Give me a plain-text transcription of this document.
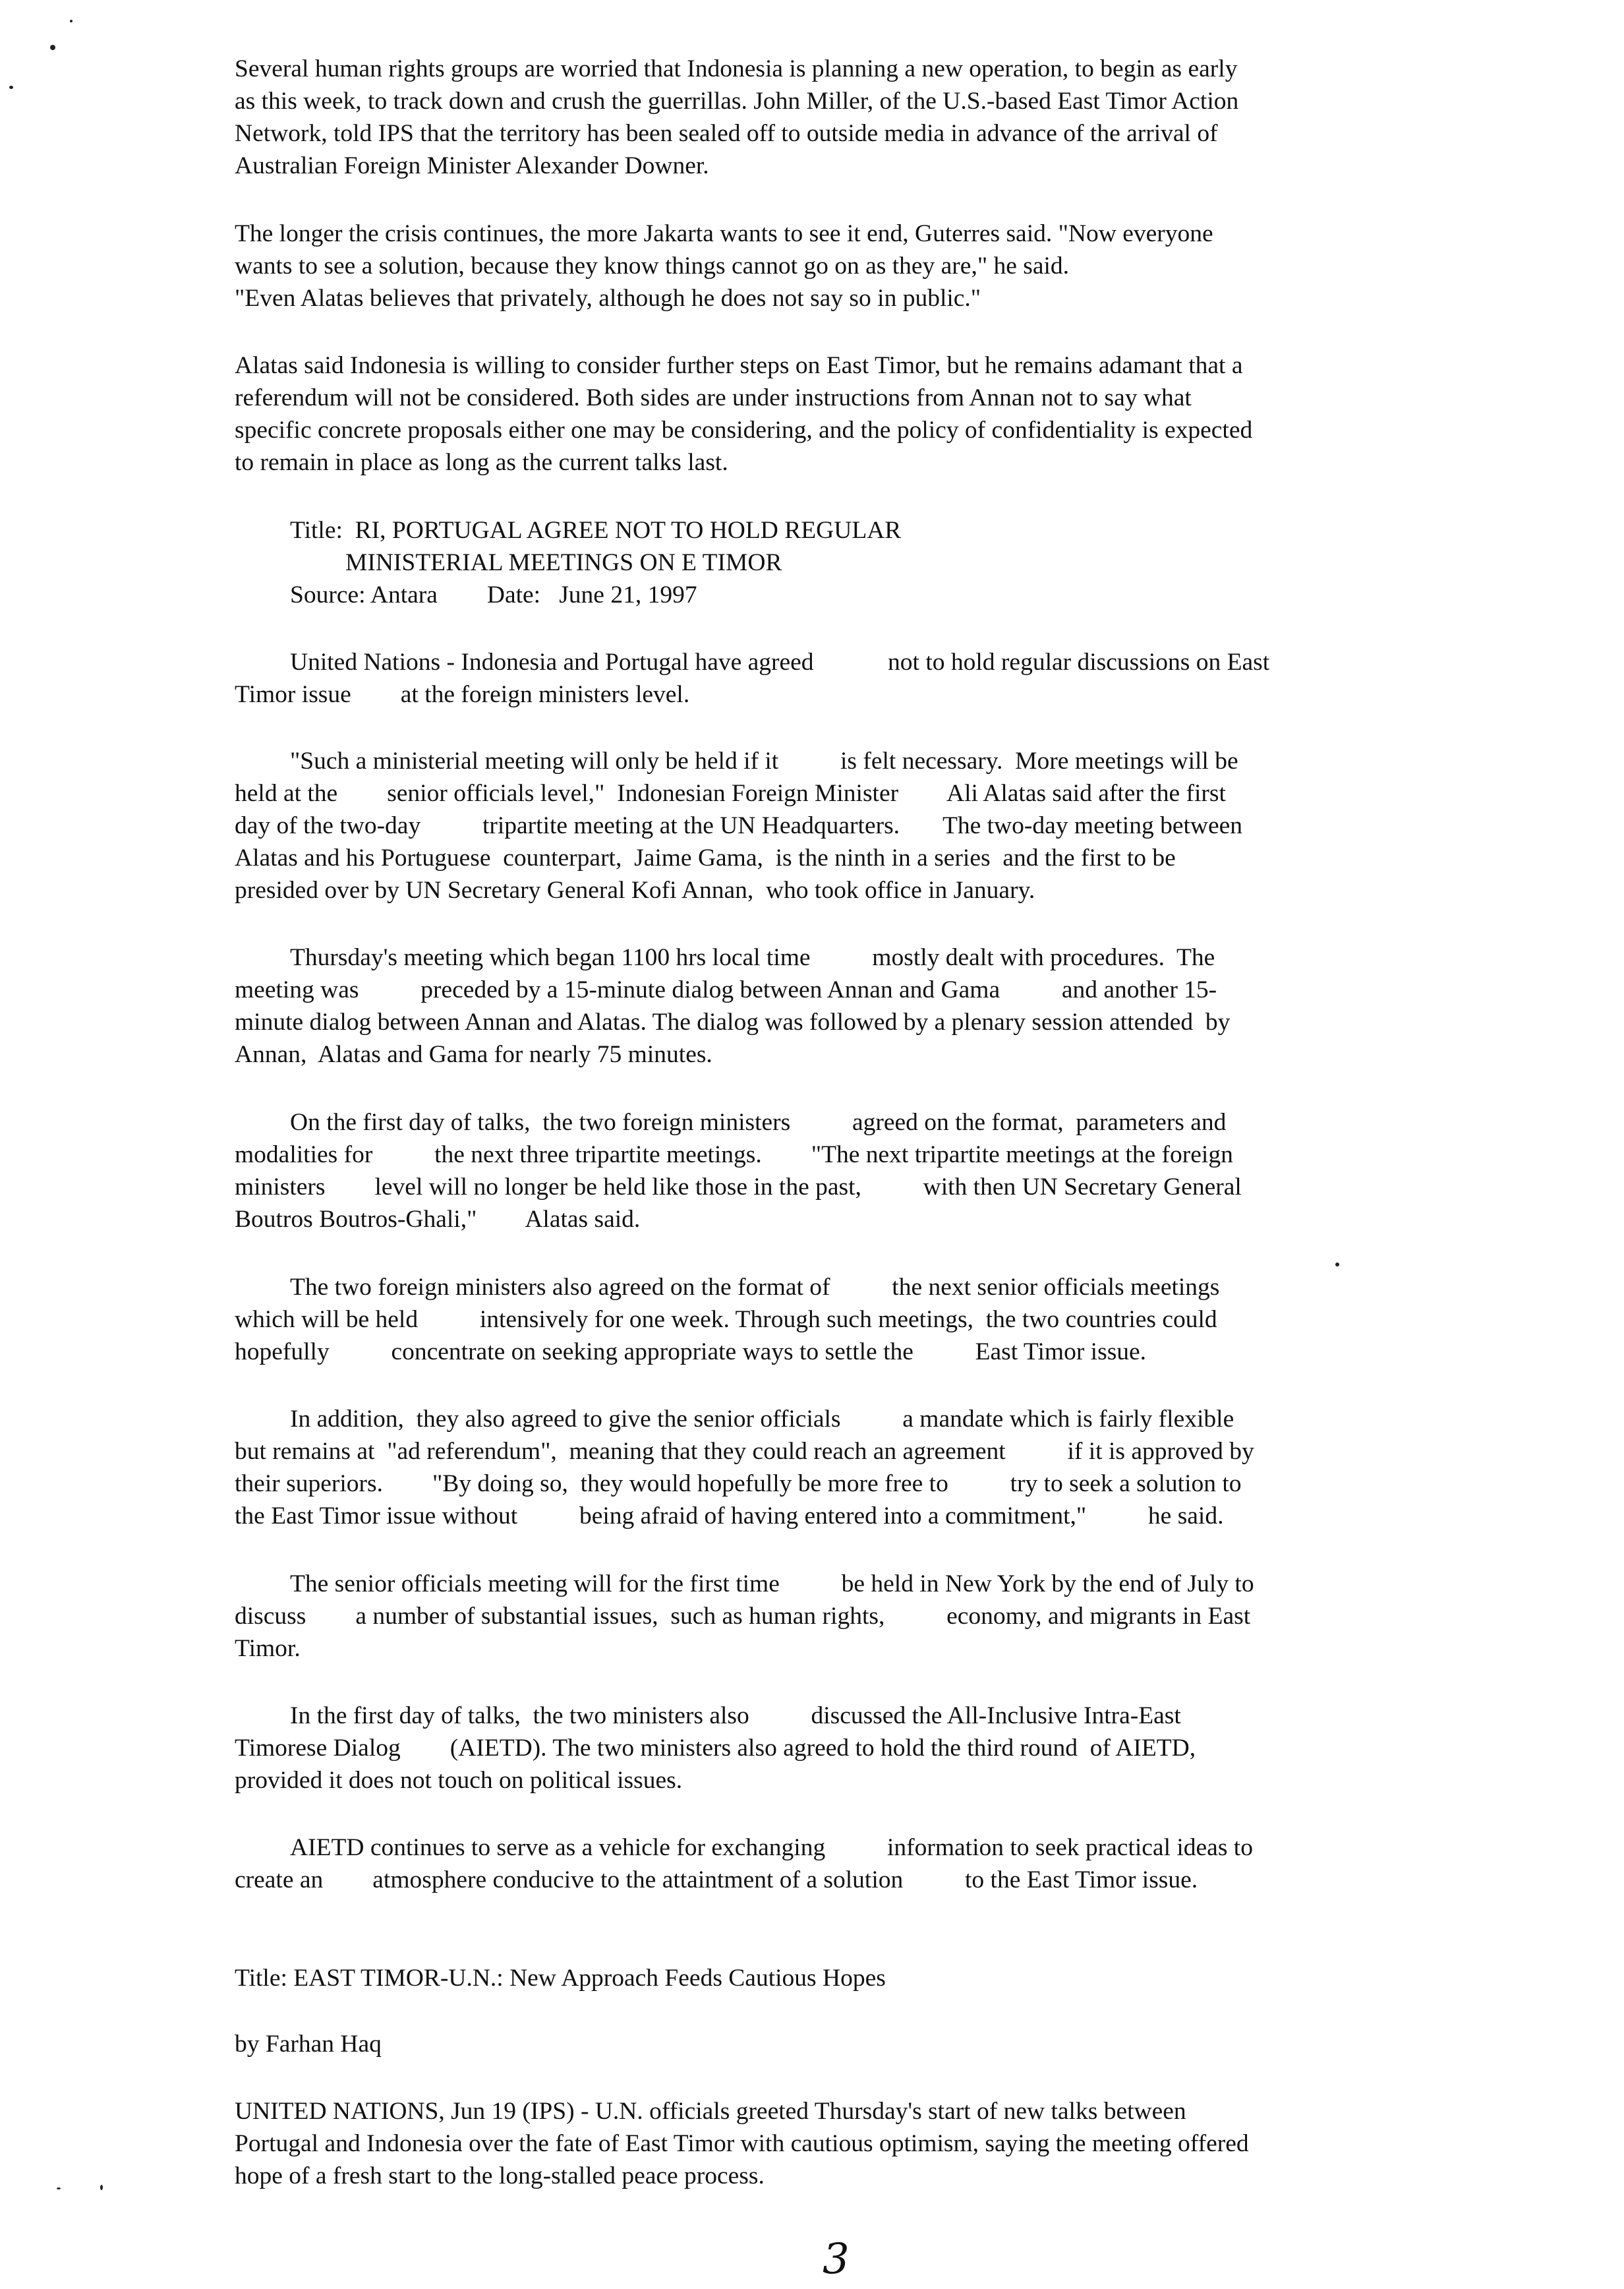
Several human rights groups are worried that Indonesia is planning a new operation, to begin as early
as this week, to track down and crush the guerrillas. John Miller, of the U.S.-based East Timor Action
Network, told IPS that the territory has been sealed off to outside media in advance of the arrival of
Australian Foreign Minister Alexander Downer.
The longer the crisis continues, the more Jakarta wants to see it end, Guterres said. "Now everyone
wants to see a solution, because they know things cannot go on as they are," he said.
"Even Alatas believes that privately, although he does not say so in public."
Alatas said Indonesia is willing to consider further steps on East Timor, but he remains adamant that a
referendum will not be considered. Both sides are under instructions from Annan not to say what
specific concrete proposals either one may be considering, and the policy of confidentiality is expected
to remain in place as long as the current talks last.
Title:  RI, PORTUGAL AGREE NOT TO HOLD REGULAR
MINISTERIAL MEETINGS ON E TIMOR
Source: Antara        Date:   June 21, 1997
United Nations - Indonesia and Portugal have agreed            not to hold regular discussions on East
Timor issue        at the foreign ministers level.
"Such a ministerial meeting will only be held if it          is felt necessary.  More meetings will be
held at the        senior officials level,"  Indonesian Foreign Minister        Ali Alatas said after the first
day of the two-day          tripartite meeting at the UN Headquarters.       The two-day meeting between
Alatas and his Portuguese  counterpart,  Jaime Gama,  is the ninth in a series  and the first to be
presided over by UN Secretary General Kofi Annan,  who took office in January.
Thursday's meeting which began 1100 hrs local time          mostly dealt with procedures.  The
meeting was          preceded by a 15-minute dialog between Annan and Gama          and another 15-
minute dialog between Annan and Alatas. The dialog was followed by a plenary session attended  by
Annan,  Alatas and Gama for nearly 75 minutes.
On the first day of talks,  the two foreign ministers          agreed on the format,  parameters and
modalities for          the next three tripartite meetings.        "The next tripartite meetings at the foreign
ministers        level will no longer be held like those in the past,          with then UN Secretary General
Boutros Boutros-Ghali,"        Alatas said.
The two foreign ministers also agreed on the format of          the next senior officials meetings
which will be held          intensively for one week. Through such meetings,  the two countries could
hopefully          concentrate on seeking appropriate ways to settle the          East Timor issue.
In addition,  they also agreed to give the senior officials          a mandate which is fairly flexible
but remains at  "ad referendum",  meaning that they could reach an agreement          if it is approved by
their superiors.        "By doing so,  they would hopefully be more free to          try to seek a solution to
the East Timor issue without          being afraid of having entered into a commitment,"          he said.
The senior officials meeting will for the first time          be held in New York by the end of July to
discuss        a number of substantial issues,  such as human rights,          economy, and migrants in East
Timor.
In the first day of talks,  the two ministers also          discussed the All-Inclusive Intra-East
Timorese Dialog        (AIETD). The two ministers also agreed to hold the third round  of AIETD,
provided it does not touch on political issues.
AIETD continues to serve as a vehicle for exchanging          information to seek practical ideas to
create an        atmosphere conducive to the attaintment of a solution          to the East Timor issue.
Title: EAST TIMOR-U.N.: New Approach Feeds Cautious Hopes
by Farhan Haq
UNITED NATIONS, Jun 19 (IPS) - U.N. officials greeted Thursday's start of new talks between
Portugal and Indonesia over the fate of East Timor with cautious optimism, saying the meeting offered
hope of a fresh start to the long-stalled peace process.
3
